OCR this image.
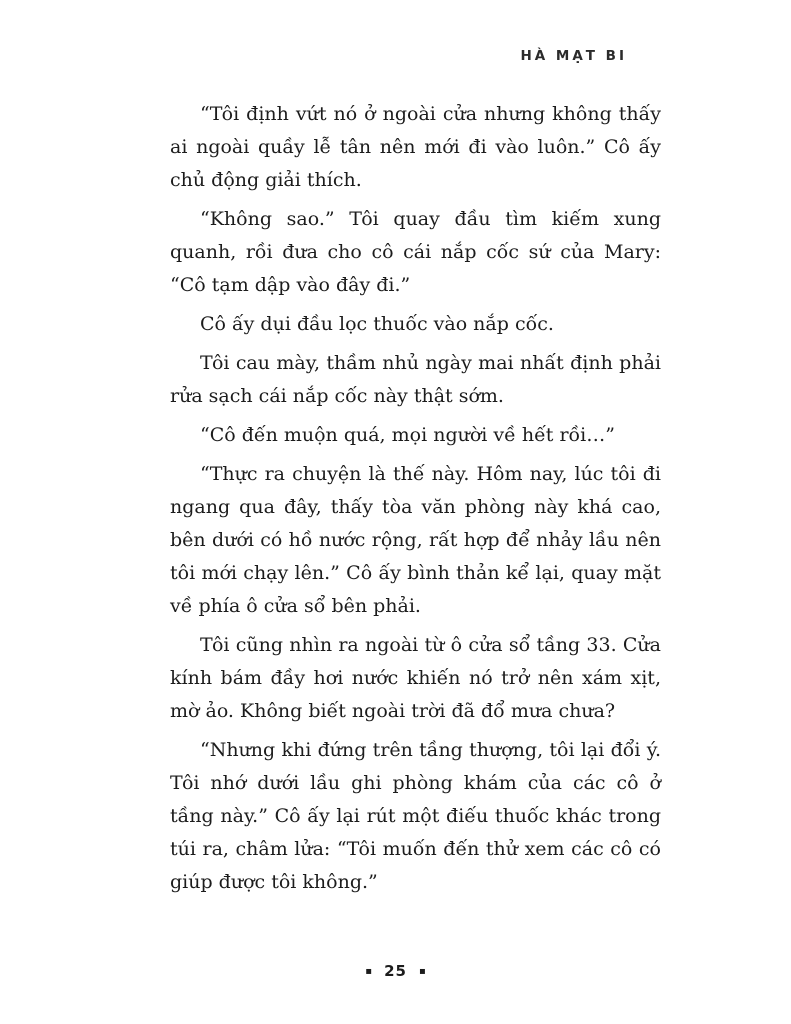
HÀ MẠT BI

“Tôi định vứt nó ở ngoài cửa nhưng không thấy ai ngoài quầy lễ tân nên mới đi vào luôn.” Cô ấy chủ động giải thích.

“Không sao.” Tôi quay đầu tìm kiếm xung quanh, rồi đưa cho cô cái nắp cốc sứ của Mary: “Cô tạm dập vào đây đi.”

Cô ấy dụi đầu lọc thuốc vào nắp cốc.

Tôi cau mày, thầm nhủ ngày mai nhất định phải rửa sạch cái nắp cốc này thật sớm.

“Cô đến muộn quá, mọi người về hết rồi…”

“Thực ra chuyện là thế này. Hôm nay, lúc tôi đi ngang qua đây, thấy tòa văn phòng này khá cao, bên dưới có hồ nước rộng, rất hợp để nhảy lầu nên tôi mới chạy lên.” Cô ấy bình thản kể lại, quay mặt về phía ô cửa sổ bên phải.

Tôi cũng nhìn ra ngoài từ ô cửa sổ tầng 33. Cửa kính bám đầy hơi nước khiến nó trở nên xám xịt, mờ ảo. Không biết ngoài trời đã đổ mưa chưa?

“Nhưng khi đứng trên tầng thượng, tôi lại đổi ý. Tôi nhớ dưới lầu ghi phòng khám của các cô ở tầng này.” Cô ấy lại rút một điếu thuốc khác trong túi ra, châm lửa: “Tôi muốn đến thử xem các cô có giúp được tôi không.”

▪ 25 ▪
